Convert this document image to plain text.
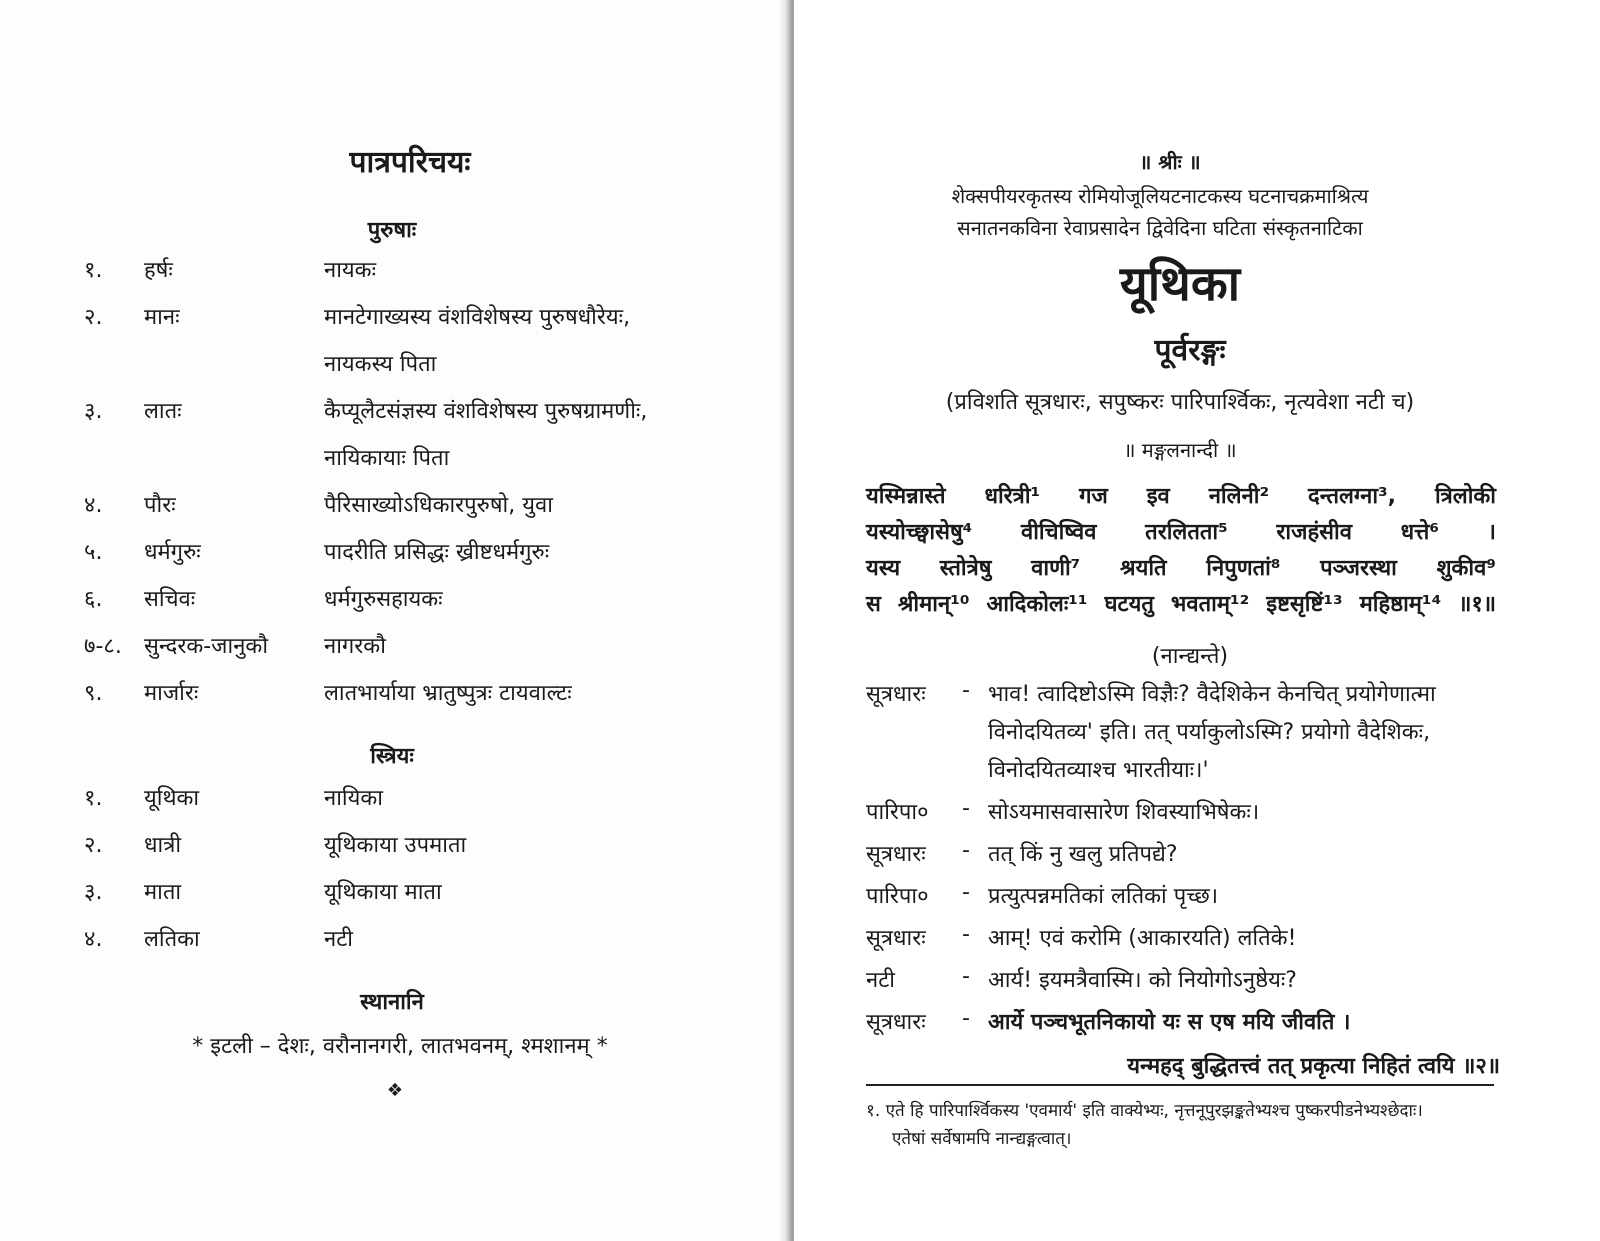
पात्रपरिचयः
पुरुषाः
१.	हर्षः	नायकः
२.	मानः	मानटेगाख्यस्य वंशविशेषस्य पुरुषधौरेयः,
नायकस्य पिता
३.	लातः	कैप्यूलैटसंज्ञस्य वंशविशेषस्य पुरुषग्रामणीः,
नायिकायाः पिता
४.	पौरः	पैरिसाख्योऽधिकारपुरुषो, युवा
५.	धर्मगुरुः	पादरीति प्रसिद्धः ख्रीष्टधर्मगुरुः
६.	सचिवः	धर्मगुरुसहायकः
७-८.	सुन्दरक-जानुकौ	नागरकौ
९.	मार्जारः	लातभार्याया भ्रातुष्पुत्रः टायवाल्टः
स्त्रियः
१.	यूथिका	नायिका
२.	धात्री	यूथिकाया उपमाता
३.	माता	यूथिकाया माता
४.	लतिका	नटी
स्थानानि
* इटली – देशः, वरौनानगरी, लातभवनम्, श्मशानम् *
❖
॥ श्रीः ॥
शेक्सपीयरकृतस्य रोमियोजूलियटनाटकस्य घटनाचक्रमाश्रित्य
सनातनकविना रेवाप्रसादेन द्विवेदिना घटिता संस्कृतनाटिका
यूथिका
पूर्वरङ्गः
(प्रविशति सूत्रधारः, सपुष्करः पारिपार्श्विकः, नृत्यवेशा नटी च)
॥ मङ्गलनान्दी ॥
यस्मिन्नास्ते धरित्री¹ गज इव नलिनी² दन्तलग्ना³, त्रिलोकी
यस्योच्छ्वासेषु⁴ वीचिष्विव तरलितता⁵ राजहंसीव धत्ते⁶ ।
यस्य स्तोत्रेषु वाणी⁷ श्रयति निपुणतां⁸ पञ्जरस्था शुकीव⁹
स श्रीमान्¹⁰ आदिकोलः¹¹ घटयतु भवताम्¹² इष्टसृष्टिं¹³ महिष्ठाम्¹⁴ ॥१॥
(नान्द्यन्ते)
सूत्रधारः	- भाव! त्वादिष्टोऽस्मि विज्ञैः? वैदेशिकेन केनचित् प्रयोगेणात्मा
विनोदयितव्य' इति। तत् पर्याकुलोऽस्मि? प्रयोगो वैदेशिकः,
विनोदयितव्याश्च भारतीयाः।'
पारिपा०	- सोऽयमासवासारेण शिवस्याभिषेकः।
सूत्रधारः	- तत् किं नु खलु प्रतिपद्ये?
पारिपा०	- प्रत्युत्पन्नमतिकां लतिकां पृच्छ।
सूत्रधारः	- आम्! एवं करोमि (आकारयति) लतिके!
नटी	- आर्य! इयमत्रैवास्मि। को नियोगोऽनुष्ठेयः?
सूत्रधारः	- आर्ये पञ्चभूतनिकायो यः स एष मयि जीवति ।
यन्महद् बुद्धितत्त्वं तत् प्रकृत्या निहितं त्वयि ॥२॥
१. एते हि पारिपार्श्विकस्य 'एवमार्य' इति वाक्येभ्यः, नृत्तनूपुरझङ्कतेभ्यश्च पुष्करपीडनेभ्यश्छेदाः।
एतेषां सर्वेषामपि नान्द्यङ्गत्वात्।
